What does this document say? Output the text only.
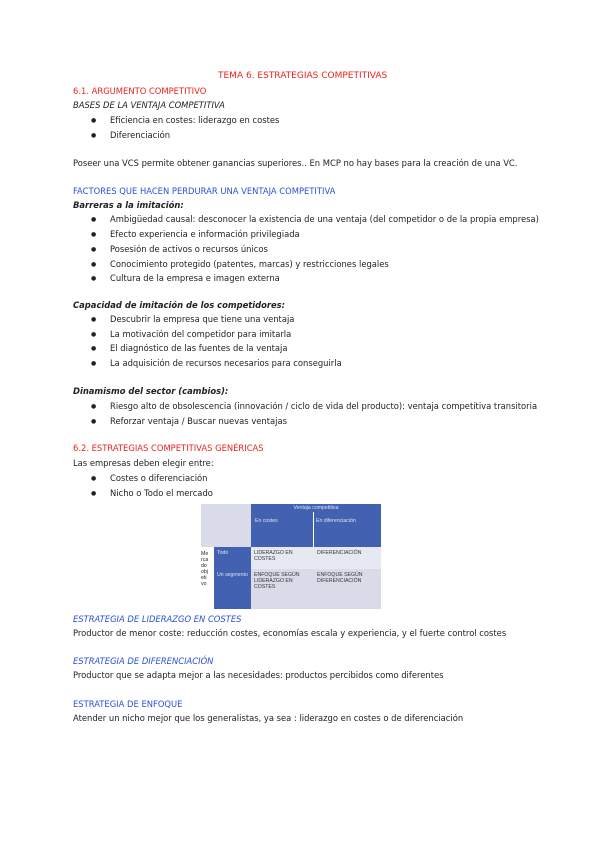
TEMA 6. ESTRATEGIAS COMPETITIVAS
6.1. ARGUMENTO COMPETITIVO
BASES DE LA VENTAJA COMPETITIVA
● Eficiencia en costes: liderazgo en costes
● Diferenciación
Poseer una VCS permite obtener ganancias superiores.. En MCP no hay bases para la creación de una VC.
FACTORES QUE HACEN PERDURAR UNA VENTAJA COMPETITIVA
Barreras a la imitación:
● Ambigüedad causal: desconocer la existencia de una ventaja (del competidor o de la propia empresa)
● Efecto experiencia e información privilegiada
● Posesión de activos o recursos únicos
● Conocimiento protegido (patentes, marcas) y restricciones legales
● Cultura de la empresa e imagen externa
Capacidad de imitación de los competidores:
● Descubrir la empresa que tiene una ventaja
● La motivación del competidor para imitarla
● El diagnóstico de las fuentes de la ventaja
● La adquisición de recursos necesarios para conseguirla
Dinamismo del sector (cambios):
● Riesgo alto de obsolescencia (innovación / ciclo de vida del producto): ventaja competitiva transitoria
● Reforzar ventaja / Buscar nuevas ventajas
6.2. ESTRATEGIAS COMPETITIVAS GENÉRICAS
Las empresas deben elegir entre:
● Costes o diferenciación
● Nicho o Todo el mercado
Ventaja competitiva
En costes	En diferenciación
Me
rca
do
obj
eti
vo
Todo
Un segmento
LIDERAZGO EN COSTES
DIFERENCIACIÓN
ENFOQUE SEGÚN LIDERAZGO EN COSTES
ENFOQUE SEGÚN DIFERENCIACIÓN
ESTRATEGIA DE LIDERAZGO EN COSTES
Productor de menor coste: reducción costes, economías escala y experiencia, y el fuerte control costes
ESTRATEGIA DE DIFERENCIACIÓN
Productor que se adapta mejor a las necesidades: productos percibidos como diferentes
ESTRATEGIA DE ENFOQUE
Atender un nicho mejor que los generalistas, ya sea : liderazgo en costes o de diferenciación
